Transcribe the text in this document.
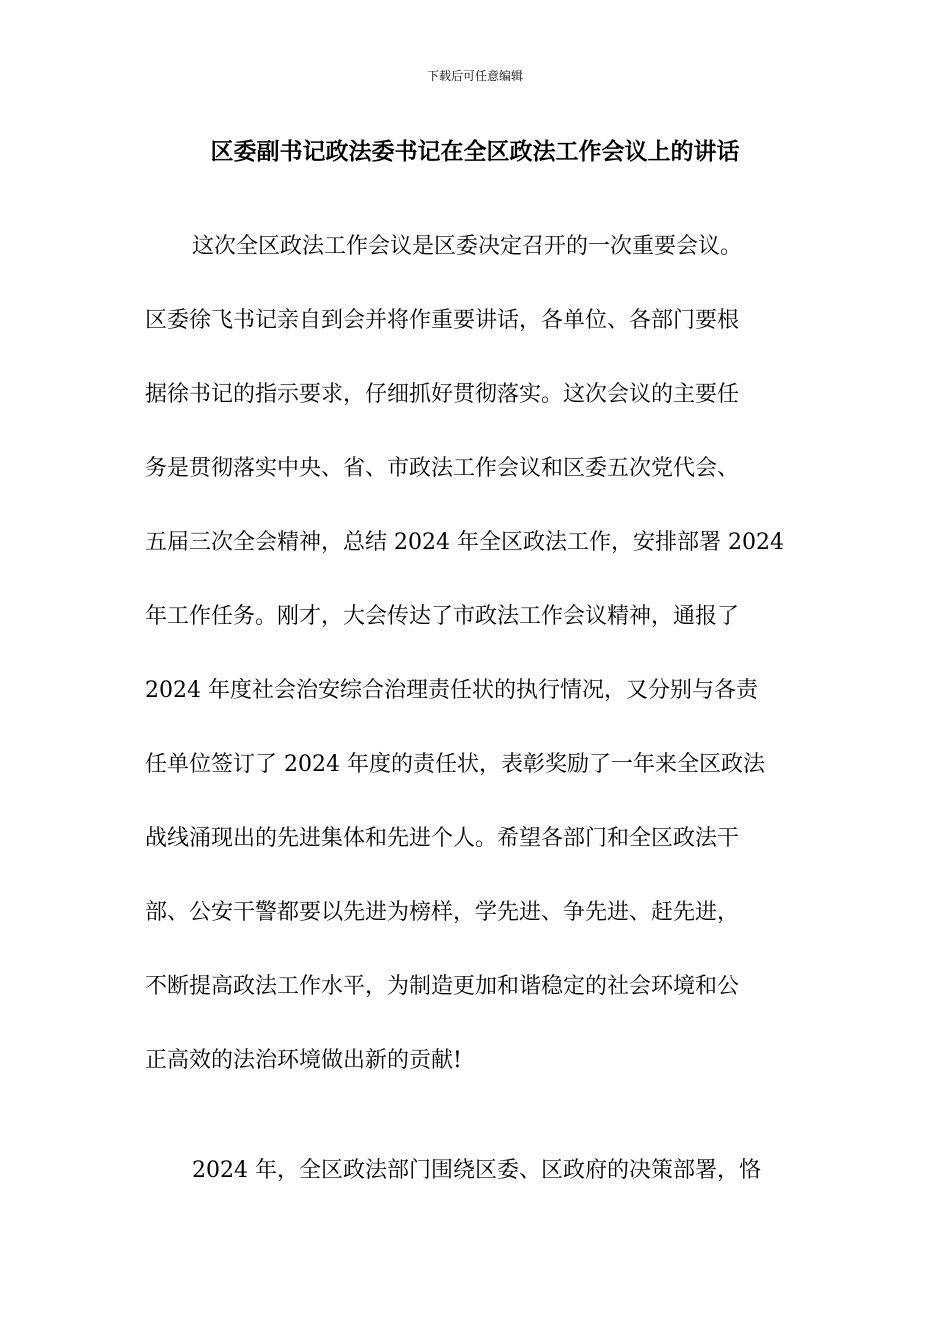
下载后可任意编辑
区委副书记政法委书记在全区政法工作会议上的讲话
这次全区政法工作会议是区委决定召开的一次重要会议。
区委徐飞书记亲自到会并将作重要讲话，各单位、各部门要根
据徐书记的指示要求，仔细抓好贯彻落实。这次会议的主要任
务是贯彻落实中央、省、市政法工作会议和区委五次党代会、
五届三次全会精神，总结 2024 年全区政法工作，安排部署 2024
年工作任务。刚才，大会传达了市政法工作会议精神，通报了
2024 年度社会治安综合治理责任状的执行情况，又分别与各责
任单位签订了 2024 年度的责任状，表彰奖励了一年来全区政法
战线涌现出的先进集体和先进个人。希望各部门和全区政法干
部、公安干警都要以先进为榜样，学先进、争先进、赶先进，
不断提高政法工作水平，为制造更加和谐稳定的社会环境和公
正高效的法治环境做出新的贡献!
2024 年，全区政法部门围绕区委、区政府的决策部署，恪
